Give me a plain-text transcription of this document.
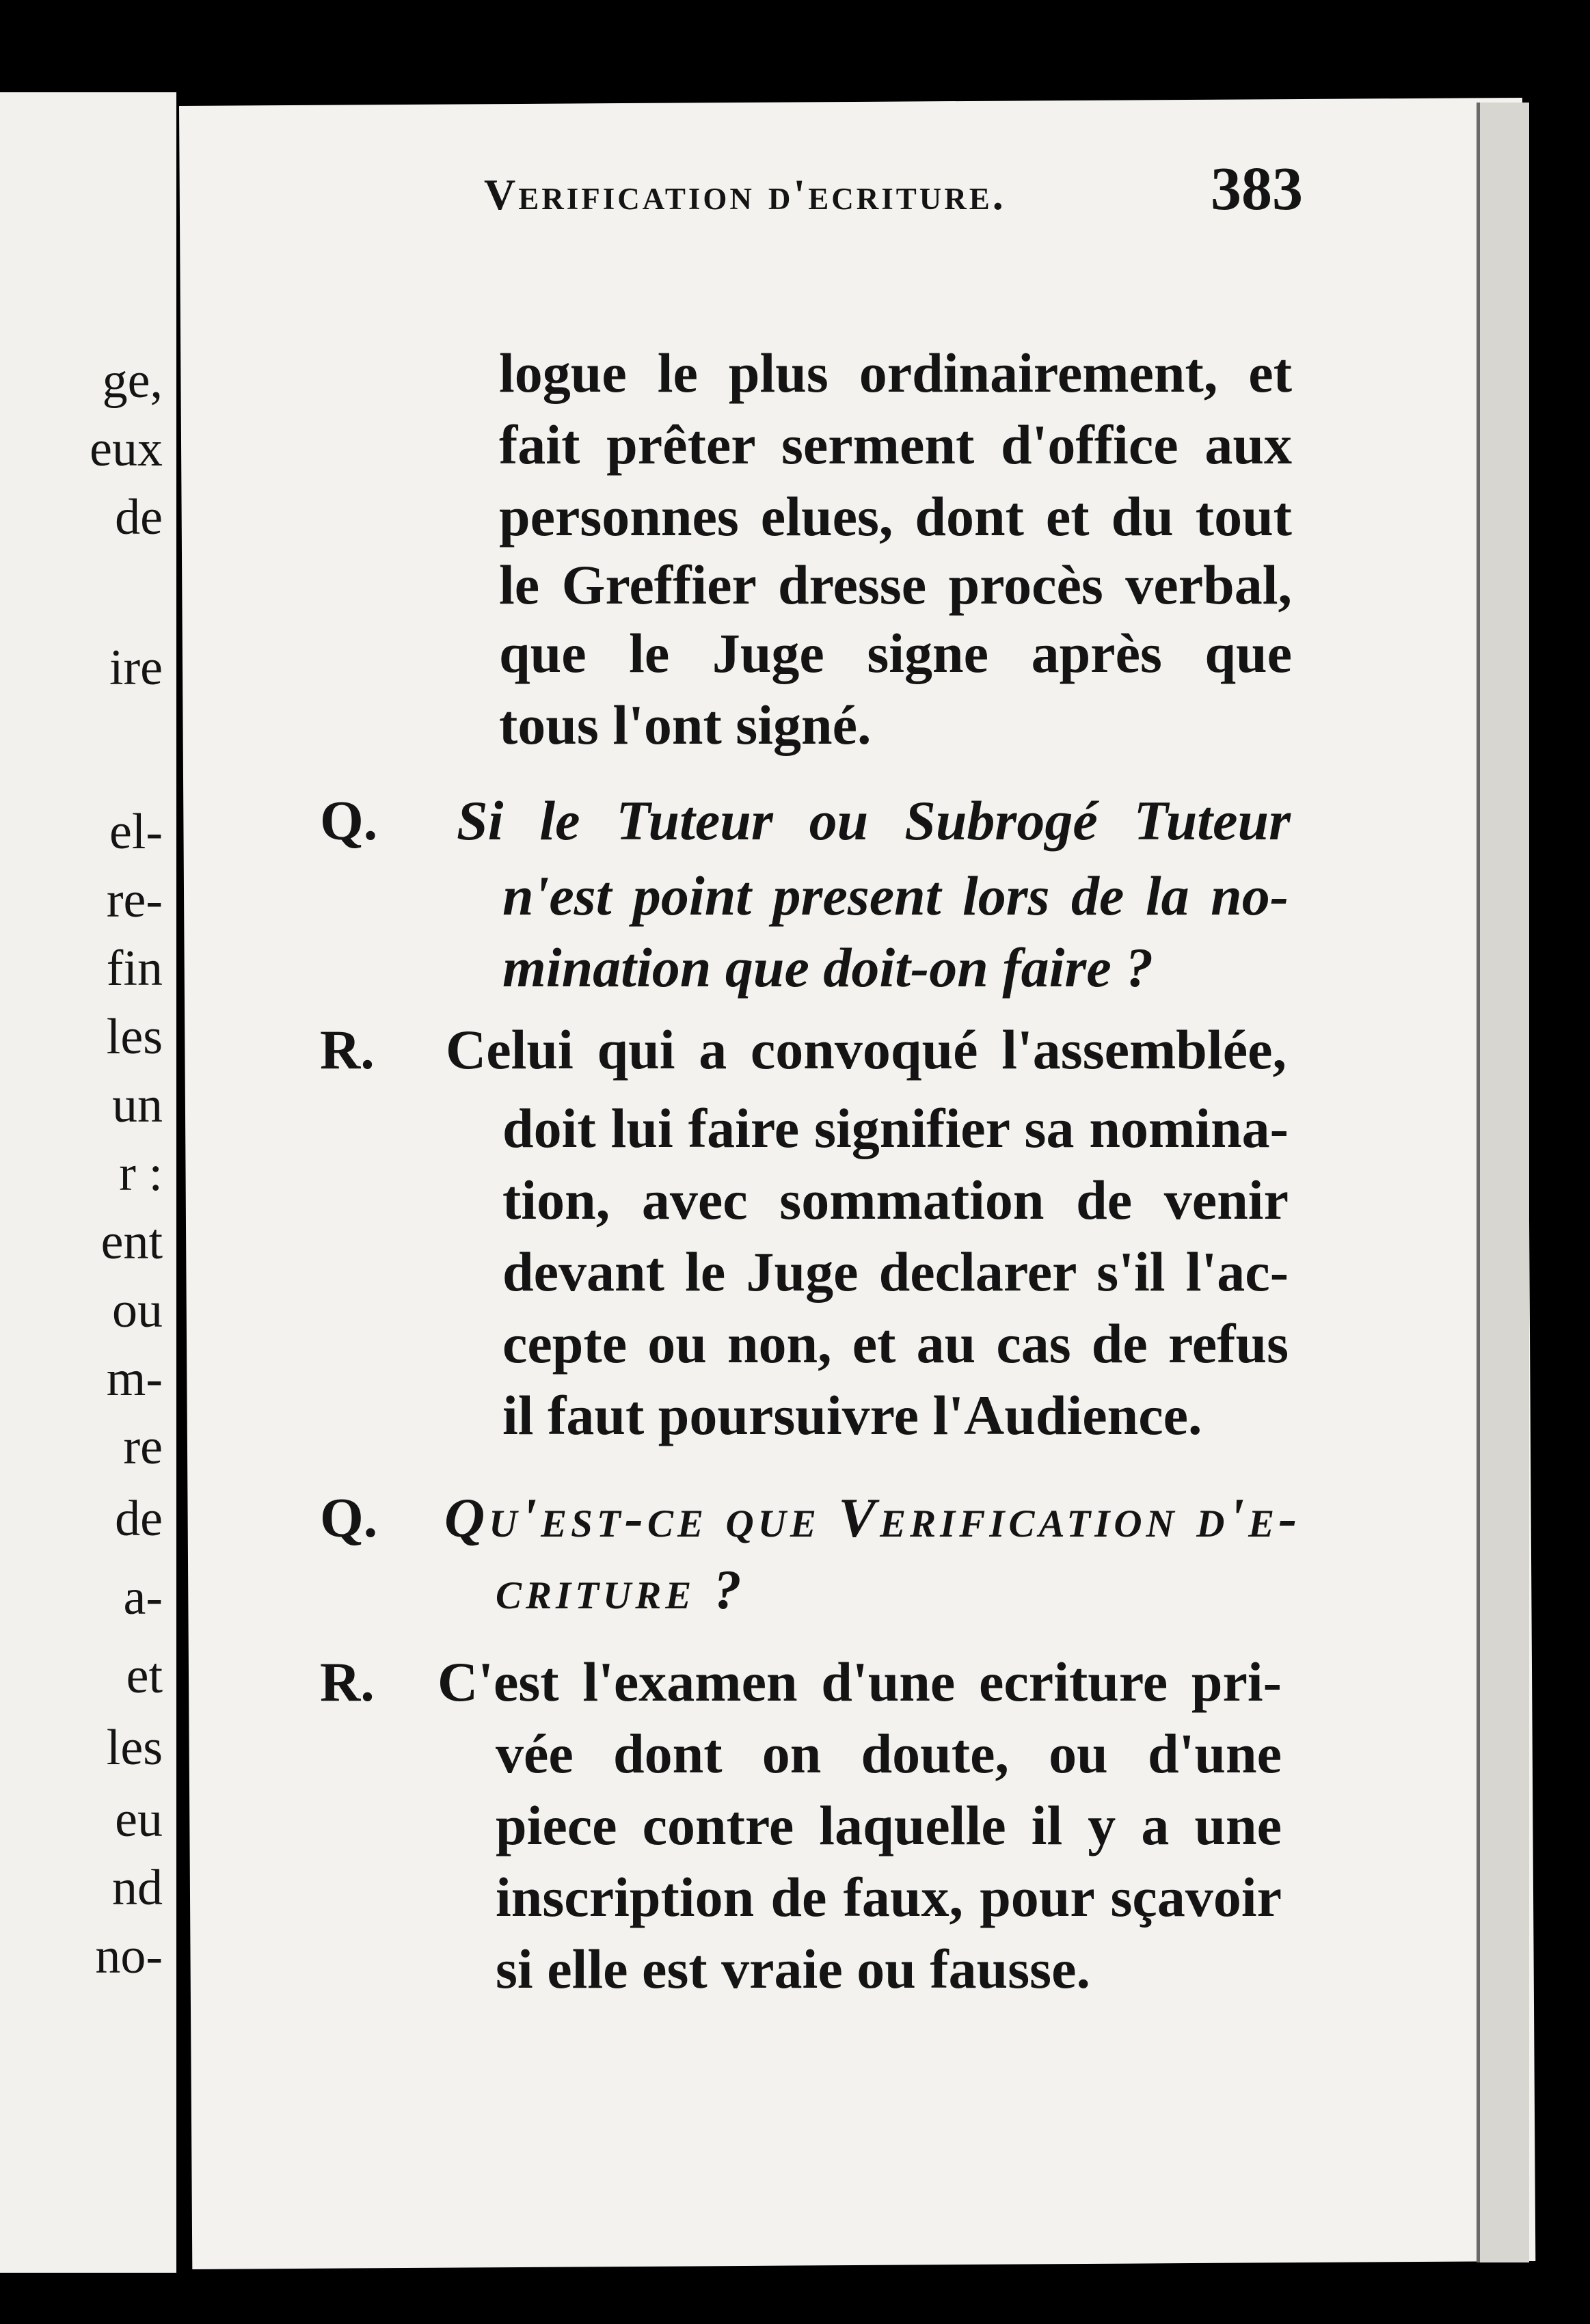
ge,
eux
de
ire
el-
re-
fin
les
un
r :
ent
ou
m-
re
de
a-
et
les
eu
nd
no-
Verification d'ecriture.	383
logue le plus ordinairement, et
fait prêter serment d'office aux
personnes elues, dont et du tout
le Greffier dresse procès verbal,
que le Juge signe après que
tous l'ont signé.
Q. Si le Tuteur ou Subrogé Tuteur
n'est point present lors de la no-
mination que doit-on faire ?
R. Celui qui a convoqué l'assemblée,
doit lui faire signifier sa nomina-
tion, avec sommation de venir
devant le Juge declarer s'il l'ac-
cepte ou non, et au cas de refus
il faut poursuivre l'Audience.
Q. Qu'est-ce que Verification d'e-
criture ?
R. C'est l'examen d'une ecriture pri-
vée dont on doute, ou d'une
piece contre laquelle il y a une
inscription de faux, pour sçavoir
si elle est vraie ou fausse.
